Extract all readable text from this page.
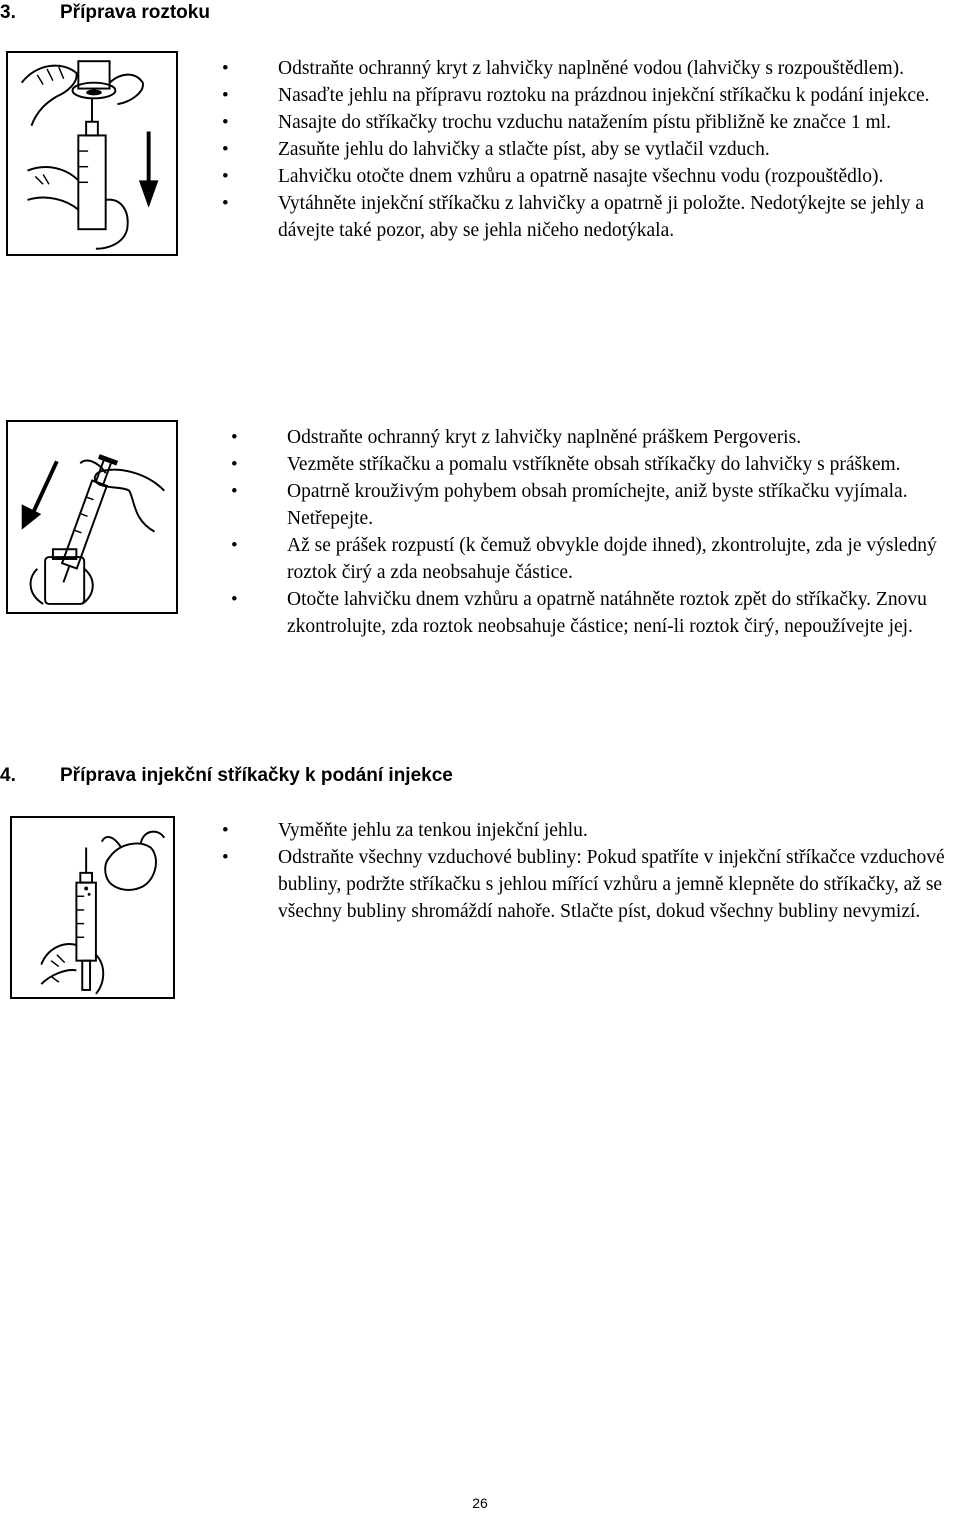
3. Příprava roztoku
• Odstraňte ochranný kryt z lahvičky naplněné vodou (lahvičky s rozpouštědlem).
• Nasaďte jehlu na přípravu roztoku na prázdnou injekční stříkačku k podání injekce.
• Nasajte do stříkačky trochu vzduchu natažením pístu přibližně ke značce 1 ml.
• Zasuňte jehlu do lahvičky a stlačte píst, aby se vytlačil vzduch.
• Lahvičku otočte dnem vzhůru a opatrně nasajte všechnu vodu (rozpouštědlo).
• Vytáhněte injekční stříkačku z lahvičky a opatrně ji položte. Nedotýkejte se jehly a dávejte také pozor, aby se jehla ničeho nedotýkala.
• Odstraňte ochranný kryt z lahvičky naplněné práškem Pergoveris.
• Vezměte stříkačku a pomalu vstříkněte obsah stříkačky do lahvičky s práškem.
• Opatrně krouživým pohybem obsah promíchejte, aniž byste stříkačku vyjímala. Netřepejte.
• Až se prášek rozpustí (k čemuž obvykle dojde ihned), zkontrolujte, zda je výsledný roztok čirý a zda neobsahuje částice.
• Otočte lahvičku dnem vzhůru a opatrně natáhněte roztok zpět do stříkačky. Znovu zkontrolujte, zda roztok neobsahuje částice; není-li roztok čirý, nepoužívejte jej.
4. Příprava injekční stříkačky k podání injekce
• Vyměňte jehlu za tenkou injekční jehlu.
• Odstraňte všechny vzduchové bubliny: Pokud spatříte v injekční stříkačce vzduchové bubliny, podržte stříkačku s jehlou mířící vzhůru a jemně klepněte do stříkačky, až se všechny bubliny shromáždí nahoře. Stlačte píst, dokud všechny bubliny nevymizí.
26
